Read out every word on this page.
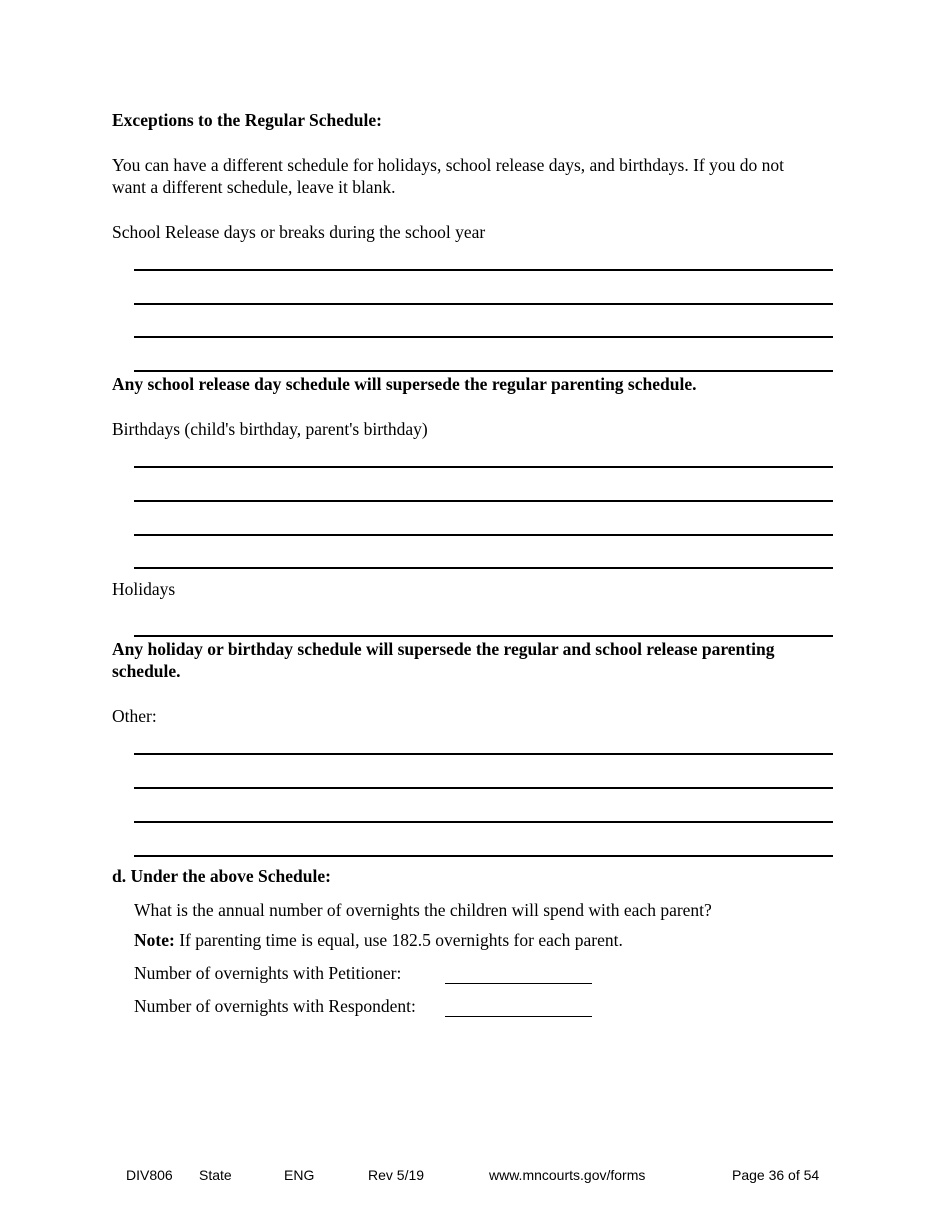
Exceptions to the Regular Schedule:
You can have a different schedule for holidays, school release days, and birthdays. If you do not
want a different schedule, leave it blank.
School Release days or breaks during the school year
Any school release day schedule will supersede the regular parenting schedule.
Birthdays (child's birthday, parent's birthday)
Holidays
Any holiday or birthday schedule will supersede the regular and school release parenting
schedule.
Other:
d. Under the above Schedule:
What is the annual number of overnights the children will spend with each parent?
Note: If parenting time is equal, use 182.5 overnights for each parent.
Number of overnights with Petitioner:
Number of overnights with Respondent:
DIV806 State	ENG	Rev 5/19	www.mncourts.gov/forms	Page 36 of 54
